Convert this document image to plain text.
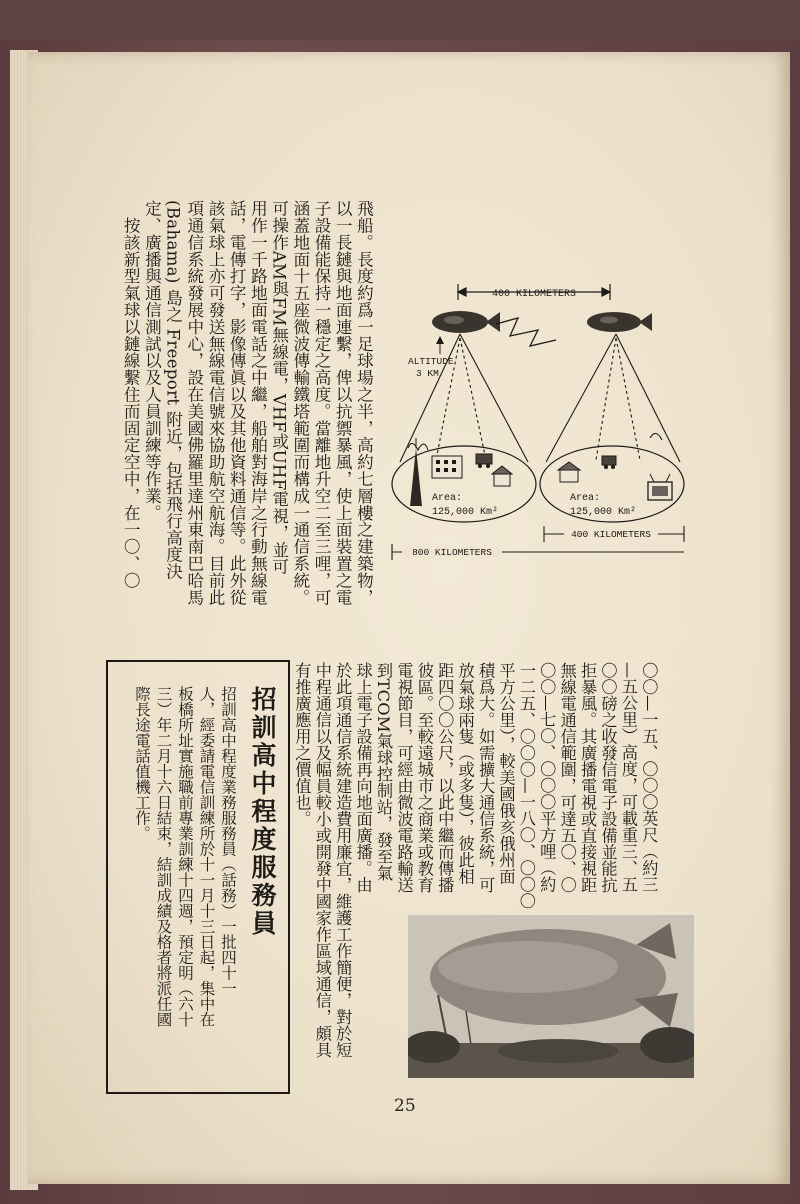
飛船。長度約爲一足球場之半，高約七層樓之建築物，
以一長鏈與地面連繫，俾以抗禦暴風，使上面裝置之電
子設備能保持一穩定之高度。當離地升空二至三哩，可
涵蓋地面十五座微波傳輸鐵塔範圍而構成一通信系統。
可操作AM與FM無線電，VHF或UHF電視，並可
用作一千路地面電話之中繼，船舶對海岸之行動無線電
話，電傳打字，影像傳眞以及其他資料通信等。此外從
該氣球上亦可發送無線電信號來協助航空航海。目前此
項通信系統發展中心，設在美國佛羅里達州東南巴哈馬
(Bahama) 島之 Freeport 附近，包括飛行高度決
定、廣播與通信測試以及人員訓練等作業。
　按該新型氣球以鏈線繫住而固定空中，在一〇、〇	400 KILOMETERS
ALTITUDE
3 KM
Area:
125,000 Km²
Area:
125,000 Km²
400 KILOMETERS
800 KILOMETERS
〇〇—一五、〇〇〇英尺（約三
—五公里）高度，可載重三、五
〇〇磅之收發信電子設備並能抗
拒暴風。其廣播電視或直接視距
無線電通信範圍，可達五〇、〇
〇〇—七〇、〇〇〇平方哩（約
一二五、〇〇〇—一八〇、〇〇〇
平方公里），較美國俄亥俄州面
積爲大。如需擴大通信系統，可
放氣球兩隻（或多隻），彼此相
距四〇〇公尺，以此中繼而傳播
彼區。至較遠城市之商業或教育
電視節目，可經由微波電路輸送
到TCOM氣球控制站，發至氣
球上電子設備再向地面廣播。由
於此項通信系統建造費用廉宜，維護工作簡便，對於短
中程通信以及幅員較小或開發中國家作區域通信，頗具
有推廣應用之價值也。
招訓高中程度服務員
招訓高中程度業務服務員（話務）一批四十一
人，經委請電信訓練所於十一月十三日起，集中在
板橋所址實施職前專業訓練十四週，預定明（六十
三）年二月十六日結束，結訓成績及格者將派任國
際長途電話值機工作。
25
